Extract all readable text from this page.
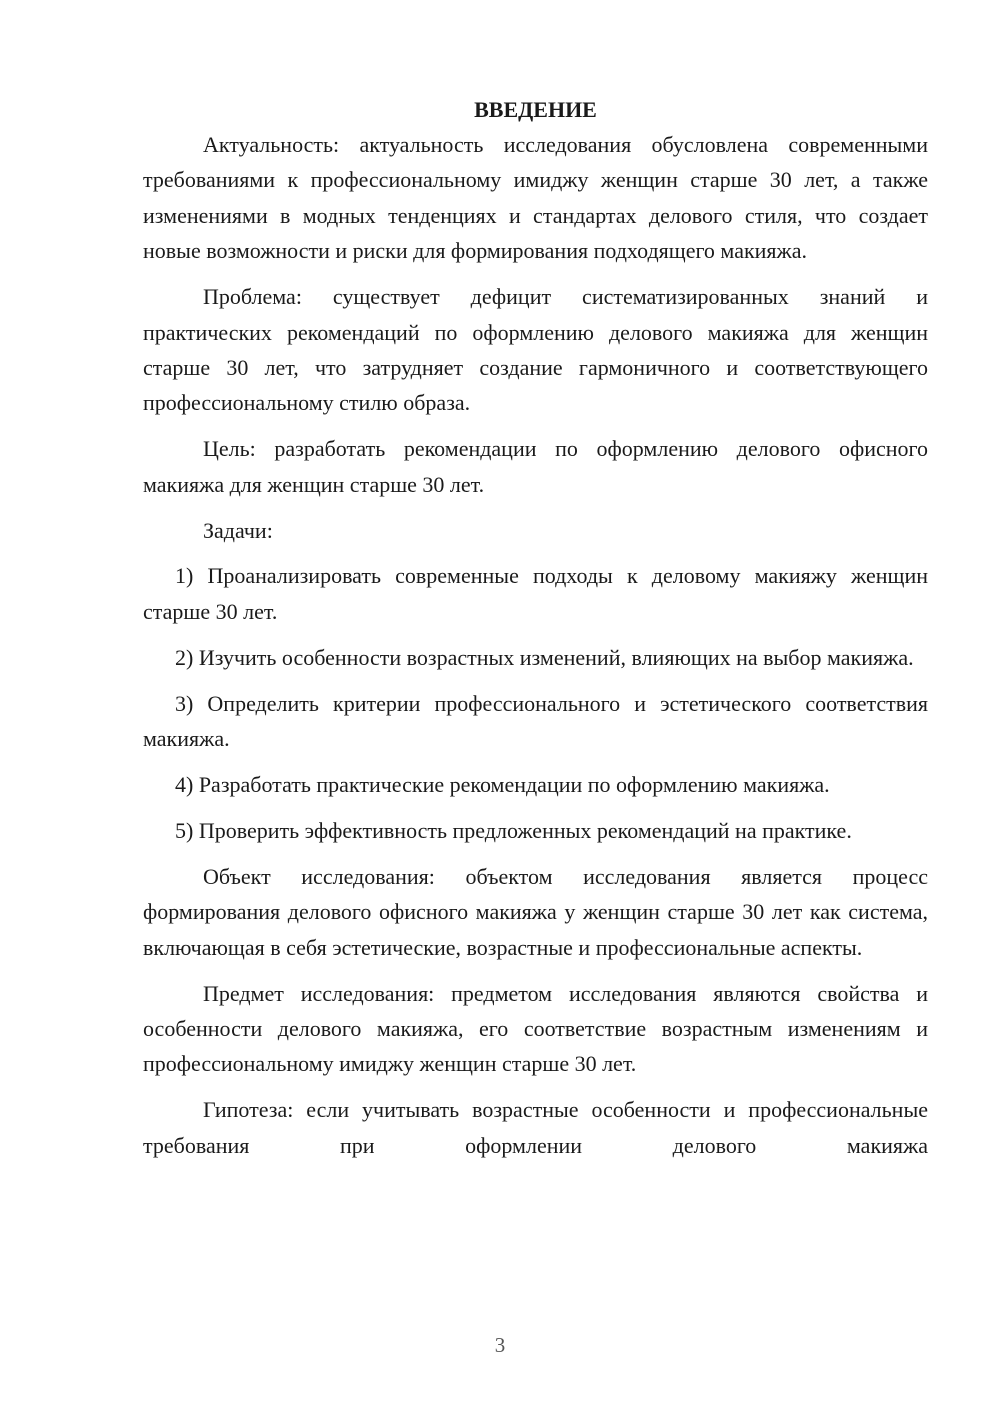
ВВЕДЕНИЕ

Актуальность: актуальность исследования обусловлена современными требованиями к профессиональному имиджу женщин старше 30 лет, а также изменениями в модных тенденциях и стандартах делового стиля, что создает новые возможности и риски для формирования подходящего макияжа.

Проблема: существует дефицит систематизированных знаний и практических рекомендаций по оформлению делового макияжа для женщин старше 30 лет, что затрудняет создание гармоничного и соответствующего профессиональному стилю образа.

Цель: разработать рекомендации по оформлению делового офисного макияжа для женщин старше 30 лет.

Задачи:

1) Проанализировать современные подходы к деловому макияжу женщин старше 30 лет.

2) Изучить особенности возрастных изменений, влияющих на выбор макияжа.

3) Определить критерии профессионального и эстетического соответствия макияжа.

4) Разработать практические рекомендации по оформлению макияжа.

5) Проверить эффективность предложенных рекомендаций на практике.

Объект исследования: объектом исследования является процесс формирования делового офисного макияжа у женщин старше 30 лет как система, включающая в себя эстетические, возрастные и профессиональные аспекты.

Предмет исследования: предметом исследования являются свойства и особенности делового макияжа, его соответствие возрастным изменениям и профессиональному имиджу женщин старше 30 лет.

Гипотеза: если учитывать возрастные особенности и профессиональные требования при оформлении делового макияжа

3
